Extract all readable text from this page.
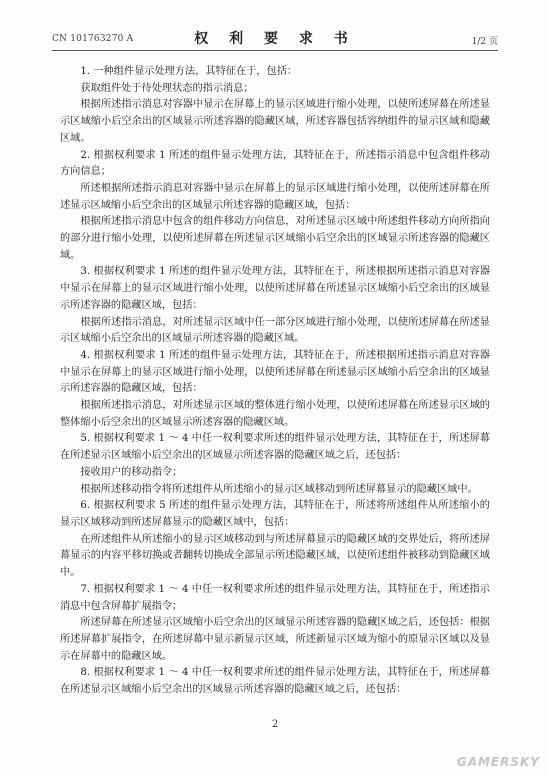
CN 101763270 A	权 利 要 求 书	1/2 页

1. 一种组件显示处理方法，其特征在于，包括：

获取组件处于待处理状态的指示消息；

根据所述指示消息对容器中显示在屏幕上的显示区域进行缩小处理，以使所述屏幕在所述显示区域缩小后空余出的区域显示所述容器的隐藏区域，所述容器包括容纳组件的显示区域和隐藏区域。

2. 根据权利要求 1 所述的组件显示处理方法，其特征在于，所述指示消息中包含组件移动方向信息；

所述根据所述指示消息对容器中显示在屏幕上的显示区域进行缩小处理，以使所述屏幕在所述显示区域缩小后空余出的区域显示所述容器的隐藏区域，包括：

根据所述指示消息中包含的组件移动方向信息，对所述显示区域中所述组件移动方向所指向的部分进行缩小处理，以使所述屏幕在所述显示区域缩小后空余出的区域显示所述容器的隐藏区域。

3. 根据权利要求 1 所述的组件显示处理方法，其特征在于，所述根据所述指示消息对容器中显示在屏幕上的显示区域进行缩小处理，以使所述屏幕在所述显示区域缩小后空余出的区域显示所述容器的隐藏区域，包括：

根据所述指示消息，对所述显示区域中任一部分区域进行缩小处理，以使所述屏幕在所述显示区域缩小后空余出的区域显示所述容器的隐藏区域。

4. 根据权利要求 1 所述的组件显示处理方法，其特征在于，所述根据所述指示消息对容器中显示在屏幕上的显示区域进行缩小处理，以使所述屏幕在所述显示区域缩小后空余出的区域显示所述容器的隐藏区域，包括：

根据所述指示消息，对所述显示区域的整体进行缩小处理，以使所述屏幕在所述显示区域的整体缩小后空余出的区域显示所述容器的隐藏区域。

5. 根据权利要求 1 ～ 4 中任一权利要求所述的组件显示处理方法，其特征在于，所述屏幕在所述显示区域缩小后空余出的区域显示所述容器的隐藏区域之后，还包括：

接收用户的移动指令；

根据所述移动指令将所述组件从所述缩小的显示区域移动到所述屏幕显示的隐藏区域中。

6. 根据权利要求 5 所述的组件显示处理方法，其特征在于，所述将所述组件从所述缩小的显示区域移动到所述屏幕显示的隐藏区域中，包括：

在所述组件从所述缩小的显示区域移动到与所述屏幕显示的隐藏区域的交界处后，将所述屏幕显示的内容平移切换或者翻转切换成全部显示所述隐藏区域，以使所述组件被移动到隐藏区域中。

7. 根据权利要求 1 ～ 4 中任一权利要求所述的组件显示处理方法，其特征在于，所述指示消息中包含屏幕扩展指令；

所述屏幕在所述显示区域缩小后空余出的区域显示所述容器的隐藏区域之后，还包括：根据所述屏幕扩展指令，在所述屏幕中显示新显示区域，所述新显示区域为缩小的原显示区域以及显示在屏幕中的隐藏区域。

8. 根据权利要求 1 ～ 4 中任一权利要求所述的组件显示处理方法，其特征在于，所述屏幕在所述显示区域缩小后空余出的区域显示所述容器的隐藏区域之后，还包括：

2
GAMERSKY
